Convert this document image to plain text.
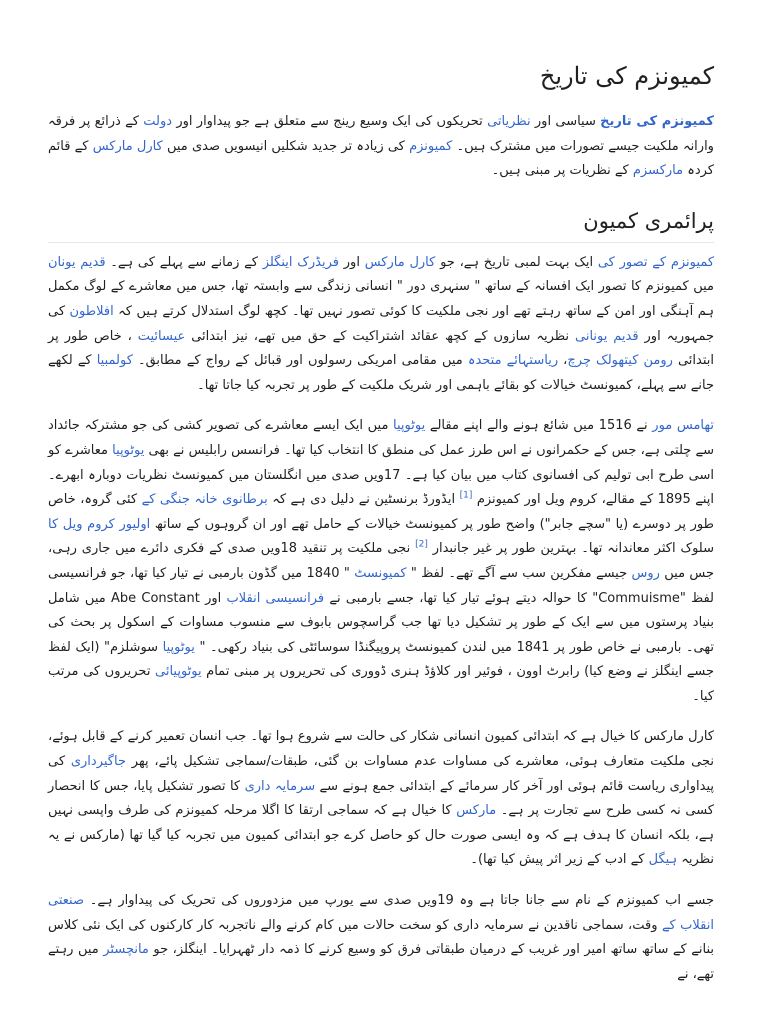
کمیونزم کی تاریخ

کمیونزم کی تاریخ سیاسی اور نظریاتی تحریکوں کی ایک وسیع رینج سے متعلق ہے جو پیداوار اور دولت کے ذرائع پر فرقہ وارانہ ملکیت جیسے تصورات میں مشترک ہیں۔ کمیونزم کی زیادہ تر جدید شکلیں انیسویں صدی میں کارل مارکس کے قائم کردہ مارکسزم کے نظریات پر مبنی ہیں۔

پرائمری کمیون

کمیونزم کے تصور کی ایک بہت لمبی تاریخ ہے، جو کارل مارکس اور فریڈرک اینگلز کے زمانے سے پہلے کی ہے۔ قدیم یونان میں کمیونزم کا تصور ایک افسانہ کے ساتھ " سنہری دور " انسانی زندگی سے وابستہ تھا، جس میں معاشرے کے لوگ مکمل ہم آہنگی اور امن کے ساتھ رہتے تھے اور نجی ملکیت کا کوئی تصور نہیں تھا۔ کچھ لوگ استدلال کرتے ہیں کہ افلاطون کی جمہوریہ اور قدیم یونانی نظریہ سازوں کے کچھ عقائد اشتراکیت کے حق میں تھے، نیز ابتدائی عیسائیت ، خاص طور پر ابتدائی رومن کیتھولک چرچ، ریاستہائے متحدہ میں مقامی امریکی رسولوں اور قبائل کے رواج کے مطابق۔ کولمبیا کے لکھے جانے سے پہلے، کمیونسٹ خیالات کو بقائے باہمی اور شریک ملکیت کے طور پر تجربہ کیا جاتا تھا۔

تھامس مور نے 1516 میں شائع ہونے والے اپنے مقالے یوٹوپیا میں ایک ایسے معاشرے کی تصویر کشی کی جو مشترکہ جائداد سے چلتی ہے، جس کے حکمرانوں نے اس طرز عمل کی منطق کا انتخاب کیا تھا۔ فرانسس رابلیس نے بھی یوٹوپیا معاشرے کو اسی طرح ابی تولیم کی افسانوی کتاب میں بیان کیا ہے۔ 17ویں صدی میں انگلستان میں کمیونسٹ نظریات دوبارہ ابھرے۔ اپنے 1895 کے مقالے، کروم ویل اور کمیونزم [1] ایڈورڈ برنسٹین نے دلیل دی ہے کہ برطانوی خانہ جنگی کے کئی گروہ، خاص طور پر دوسرے (یا "سچے جابر") واضح طور پر کمیونسٹ خیالات کے حامل تھے اور ان گروہوں کے ساتھ اولیور کروم ویل کا سلوک اکثر معاندانہ تھا۔ بہترین طور پر غیر جانبدار [2] نجی ملکیت پر تنقید 18ویں صدی کے فکری دائرے میں جاری رہی، جس میں روس جیسے مفکرین سب سے آگے تھے۔ لفظ " کمیونسٹ " 1840 میں گڈون بارمبی نے تیار کیا تھا، جو فرانسیسی لفظ "Commuisme" کا حوالہ دیتے ہوئے تیار کیا تھا، جسے بارمبی نے فرانسیسی انقلاب اور Abe Constant میں شامل بنیاد پرستوں میں سے ایک کے طور پر تشکیل دیا تھا جب گراسچوس بابوف سے منسوب مساوات کے اسکول پر بحث کی تھی۔ بارمبی نے خاص طور پر 1841 میں لندن کمیونسٹ پروپیگنڈا سوسائٹی کی بنیاد رکھی۔ " یوٹوپیا سوشلزم" (ایک لفظ جسے اینگلز نے وضع کیا) رابرٹ اوون ، فوئیر اور کلاؤڈ ہنری ڈووری کی تحریروں پر مبنی تمام یوٹوپیائی تحریروں کی مرتب کیا۔

کارل مارکس کا خیال ہے کہ ابتدائی کمیون انسانی شکار کی حالت سے شروع ہوا تھا۔ جب انسان تعمیر کرنے کے قابل ہوئے، نجی ملکیت متعارف ہوئی، معاشرے کی مساوات عدم مساوات بن گئی، طبقات/سماجی تشکیل پائے، پھر جاگیرداری کی پیداواری ریاست قائم ہوئی اور آخر کار سرمائے کے ابتدائی جمع ہونے سے سرمایہ داری کا تصور تشکیل پایا، جس کا انحصار کسی نہ کسی طرح سے تجارت پر ہے۔ مارکس کا خیال ہے کہ سماجی ارتقا کا اگلا مرحلہ کمیونزم کی طرف واپسی نہیں ہے، بلکہ انسان کا ہدف ہے کہ وہ ایسی صورت حال کو حاصل کرے جو ابتدائی کمیون میں تجربہ کیا گیا تھا (مارکس نے یہ نظریہ ہیگل کے ادب کے زیر اثر پیش کیا تھا)۔

جسے اب کمیونزم کے نام سے جانا جاتا ہے وہ 19ویں صدی سے یورپ میں مزدوروں کی تحریک کی پیداوار ہے۔ صنعتی انقلاب کے وقت، سماجی ناقدین نے سرمایہ داری کو سخت حالات میں کام کرنے والے ناتجربہ کار کارکنوں کی ایک نئی کلاس بنانے کے ساتھ ساتھ امیر اور غریب کے درمیان طبقاتی فرق کو وسیع کرنے کا ذمہ دار ٹھہرایا۔ اینگلز، جو مانچسٹر میں رہتے تھے، نے
